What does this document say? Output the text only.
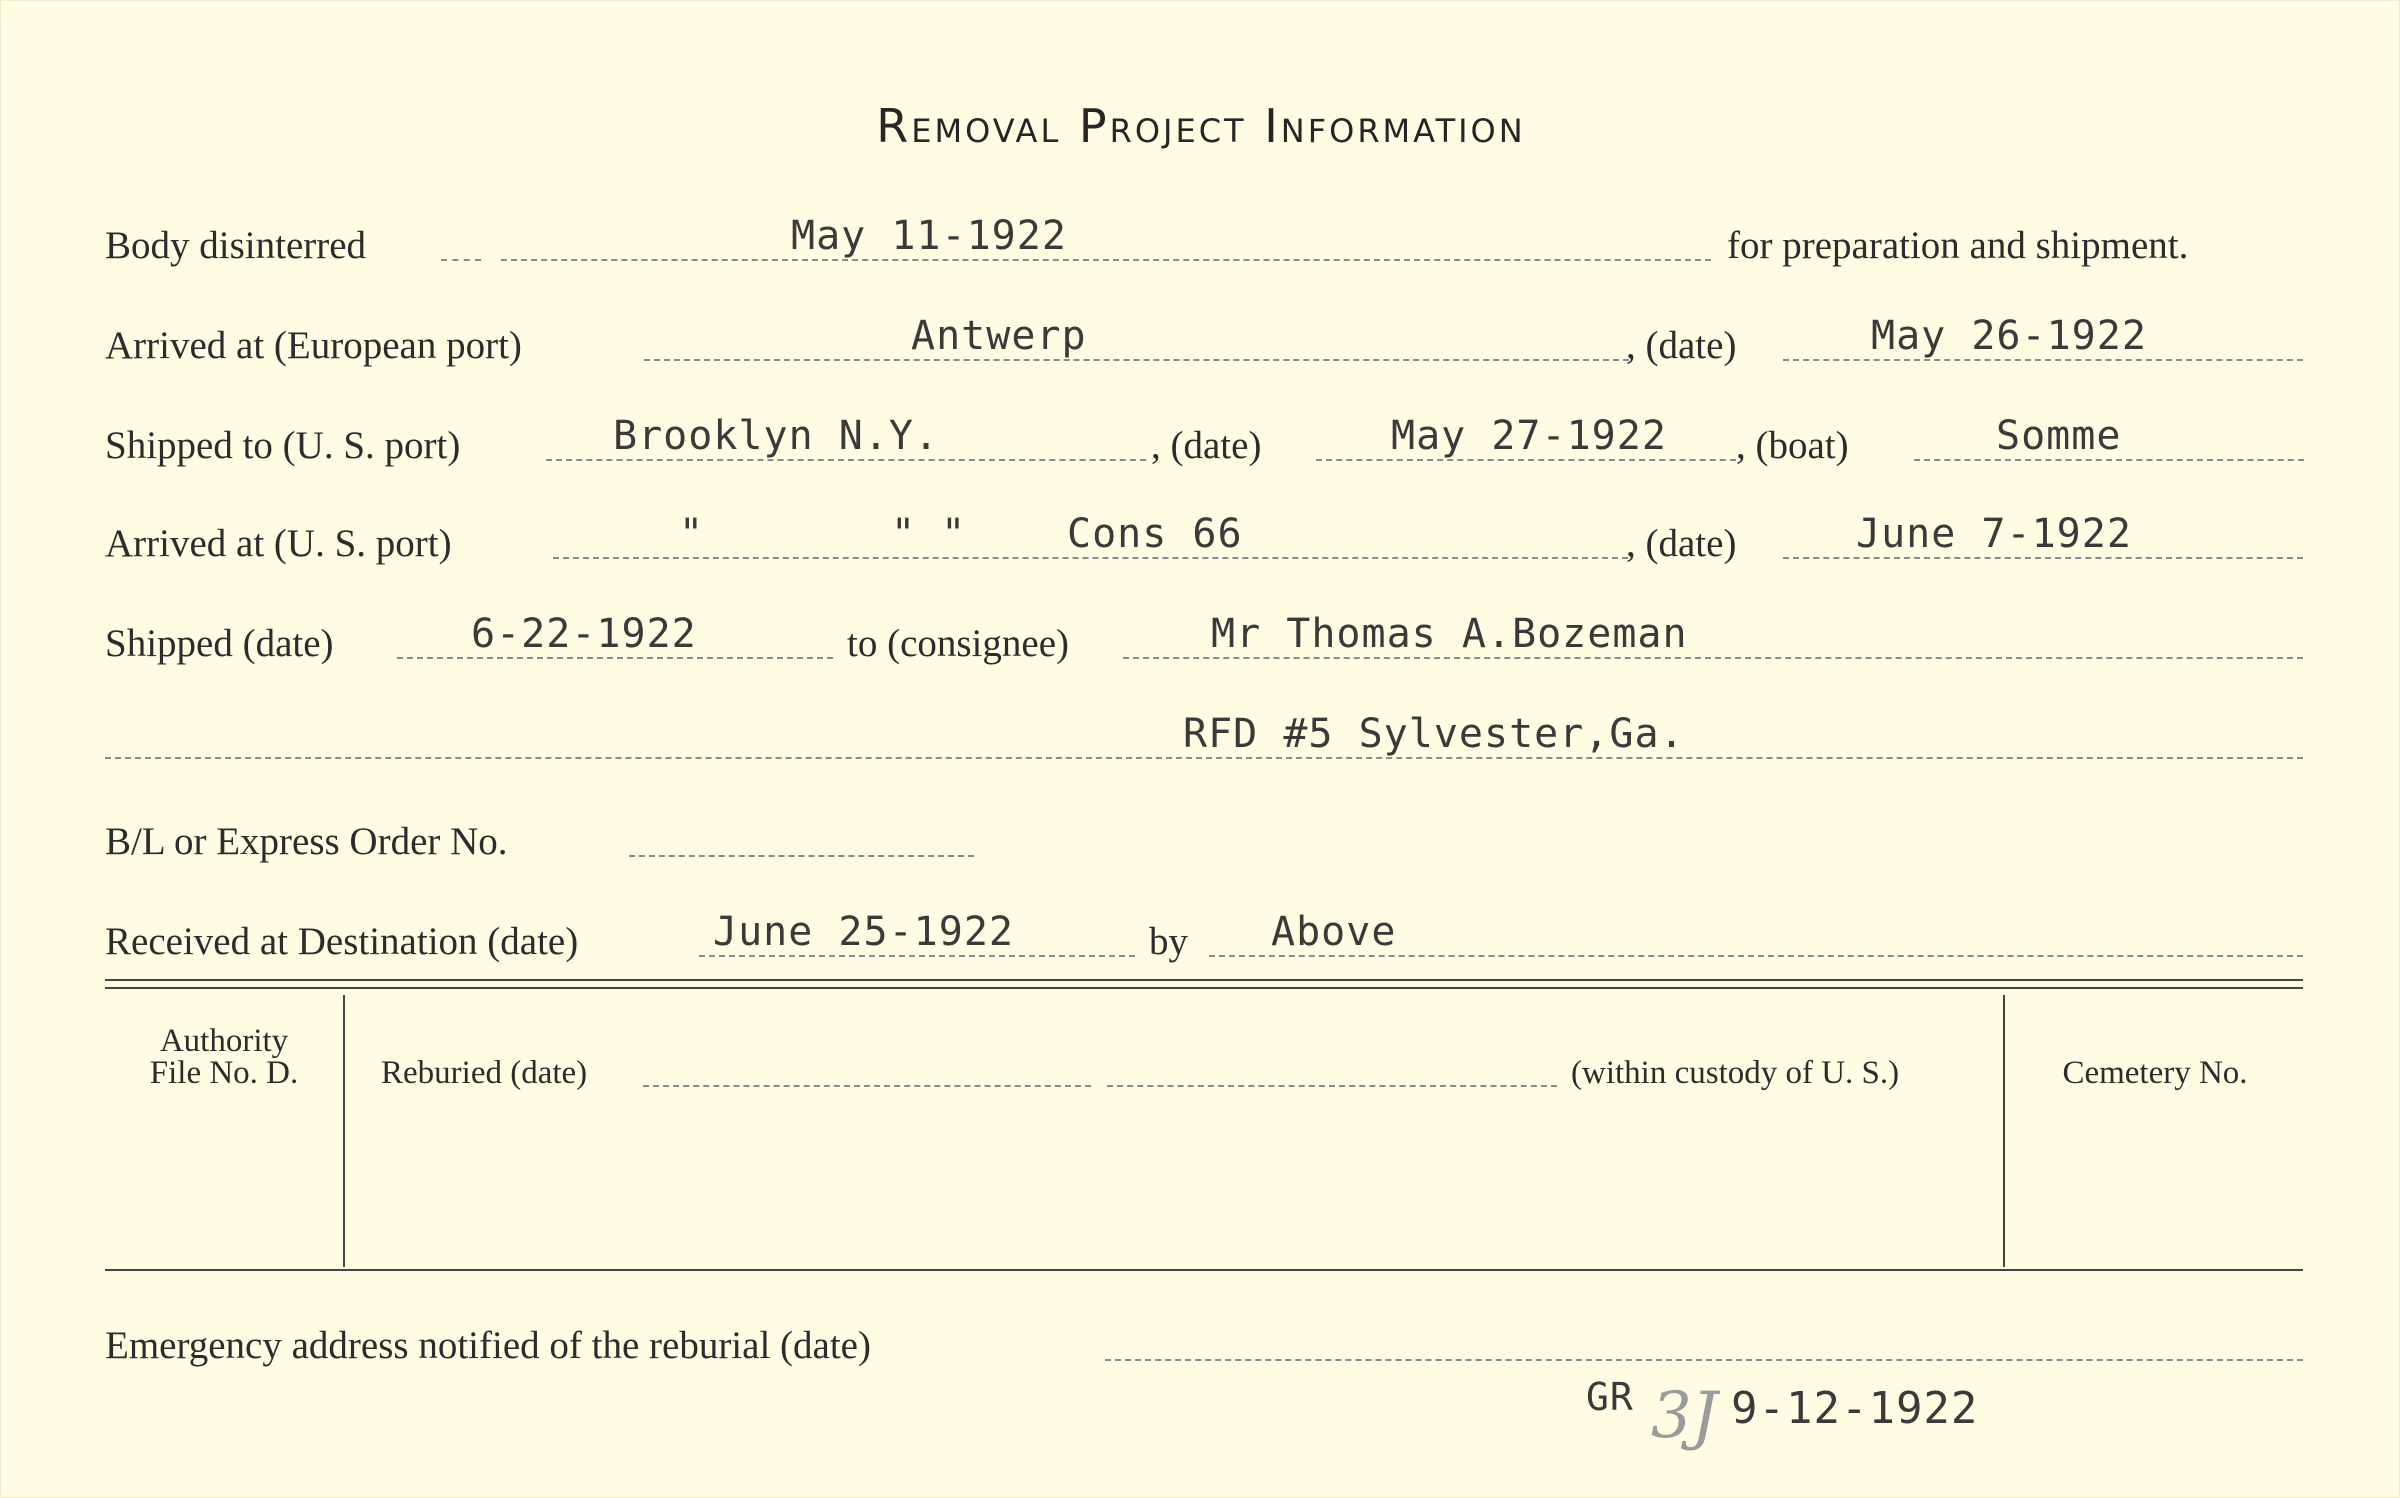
Removal Project Information
Body disinterred	May 11-1922	for preparation and shipment.
Arrived at (European port)	Antwerp	, (date)	May 26-1922
Shipped to (U. S. port)	Brooklyn N.Y.	, (date)	May 27-1922 , (boat)	Somme
Arrived at (U. S. port)	"	" "	Cons 66	, (date)	June 7-1922
Shipped (date)	6-22-1922	to (consignee)	Mr Thomas A.Bozeman
RFD #5 Sylvester,Ga.
B/L or Express Order No.
Received at Destination (date)	June 25-1922	by Above
Authority
File No. D.	Reburied (date)	(within custody of U. S.)	Cemetery No.
Emergency address notified of the reburial (date)
GR 3J 9-12-1922
